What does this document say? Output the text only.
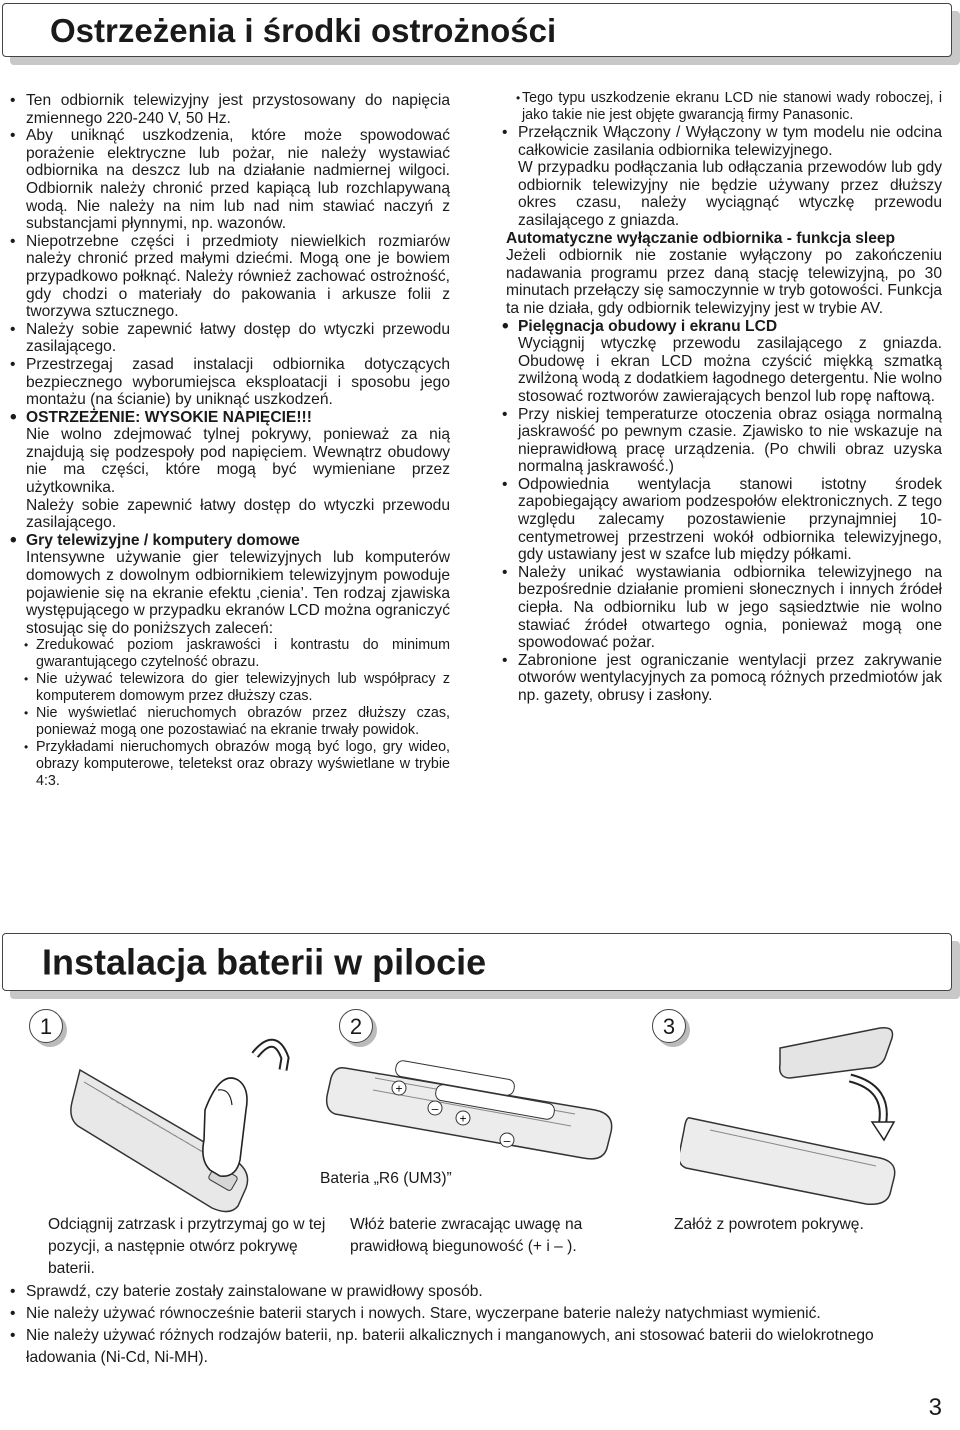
Ostrzeżenia i środki ostrożności

• Ten odbiornik telewizyjny jest przystosowany do napięcia zmiennego 220-240 V, 50 Hz.

• Aby uniknąć uszkodzenia, które może spowodować porażenie elektryczne lub pożar, nie należy wystawiać odbiornika na deszcz lub na działanie nadmiernej wilgoci. Odbiornik należy chronić przed kapiącą lub rozchlapywaną wodą. Nie należy na nim lub nad nim stawiać naczyń z substancjami płynnymi, np. wazonów.

• Niepotrzebne części i przedmioty niewielkich rozmiarów należy chronić przed małymi dziećmi. Mogą one je bowiem przypadkowo połknąć. Należy również zachować ostrożność, gdy chodzi o materiały do pakowania i arkusze folii z tworzywa sztucznego.

• Należy sobie zapewnić łatwy dostęp do wtyczki przewodu zasilającego.

• Przestrzegaj zasad instalacji odbiornika dotyczących bezpiecznego wyborumiejsca eksploatacji i sposobu jego montażu (na ścianie) by uniknąć uszkodzeń.

• OSTRZEŻENIE: WYSOKIE NAPIĘCIE!!!

Nie wolno zdejmować tylnej pokrywy, ponieważ za nią znajdują się podzespoły pod napięciem. Wewnątrz obudowy nie ma części, które mogą być wymieniane przez użytkownika.

Należy sobie zapewnić łatwy dostęp do wtyczki przewodu zasilającego.

• Gry telewizyjne / komputery domowe

Intensywne używanie gier telewizyjnych lub komputerów domowych z dowolnym odbiornikiem telewizyjnym powoduje pojawienie się na ekranie efektu ‚cienia’. Ten rodzaj zjawiska występującego w przypadku ekranów LCD można ograniczyć stosując się do poniższych zaleceń:

• Zredukować poziom jaskrawości i kontrastu do minimum gwarantującego czytelność obrazu.

• Nie używać telewizora do gier telewizyjnych lub współpracy z komputerem domowym przez dłuższy czas.

• Nie wyświetlać nieruchomych obrazów przez dłuższy czas, ponieważ mogą one pozostawiać na ekranie trwały powidok.

• Przykładami nieruchomych obrazów mogą być logo, gry wideo, obrazy komputerowe, teletekst oraz obrazy wyświetlane w trybie 4:3.

• Tego typu uszkodzenie ekranu LCD nie stanowi wady roboczej, i jako takie nie jest objęte gwarancją firmy Panasonic.

• Przełącznik Włączony / Wyłączony w tym modelu nie odcina całkowicie zasilania odbiornika telewizyjnego.

W przypadku podłączania lub odłączania przewodów lub gdy odbiornik telewizyjny nie będzie używany przez dłuższy okres czasu, należy wyciągnąć wtyczkę przewodu zasilającego z gniazda.

Automatyczne wyłączanie odbiornika - funkcja sleep

Jeżeli odbiornik nie zostanie wyłączony po zakończeniu nadawania programu przez daną stację telewizyjną, po 30 minutach przełączy się samoczynnie w tryb gotowości. Funkcja ta nie działa, gdy odbiornik telewizyjny jest w trybie AV.

• Pielęgnacja obudowy i ekranu LCD

Wyciągnij wtyczkę przewodu zasilającego z gniazda. Obudowę i ekran LCD można czyścić miękką szmatką zwilżoną wodą z dodatkiem łagodnego detergentu. Nie wolno stosować roztworów zawierających benzol lub ropę naftową.

• Przy niskiej temperaturze otoczenia obraz osiąga normalną jaskrawość po pewnym czasie. Zjawisko to nie wskazuje na nieprawidłową pracę urządzenia. (Po chwili obraz uzyska normalną jaskrawość.)

• Odpowiednia wentylacja stanowi istotny środek zapobiegający awariom podzespołów elektronicznych. Z tego względu zalecamy pozostawienie przynajmniej 10-centymetrowej przestrzeni wokół odbiornika telewizyjnego, gdy ustawiany jest w szafce lub między półkami.

• Należy unikać wystawiania odbiornika telewizyjnego na bezpośrednie działanie promieni słonecznych i innych źródeł ciepła. Na odbiorniku lub w jego sąsiedztwie nie wolno stawiać źródeł otwartego ognia, ponieważ mogą one spowodować pożar.

• Zabronione jest ograniczanie wentylacji przez zakrywanie otworów wentylacyjnych za pomocą różnych przedmiotów jak np. gazety, obrusy i zasłony.

Instalacja baterii w pilocie
1	2	3
+
–
+
–
Bateria „R6 (UM3)”
Odciągnij zatrzask i przytrzymaj go w tej pozycji, a następnie otwórz pokrywę baterii.
Włóż baterie zwracając uwagę na prawidłową biegunowość (+ i – ).
Załóż z powrotem pokrywę.

• Sprawdź, czy baterie zostały zainstalowane w prawidłowy sposób.

• Nie należy używać równocześnie baterii starych i nowych. Stare, wyczerpane baterie należy natychmiast wymienić.

• Nie należy używać różnych rodzajów baterii, np. baterii alkalicznych i manganowych, ani stosować baterii do wielokrotnego ładowania (Ni-Cd, Ni-MH).

3
